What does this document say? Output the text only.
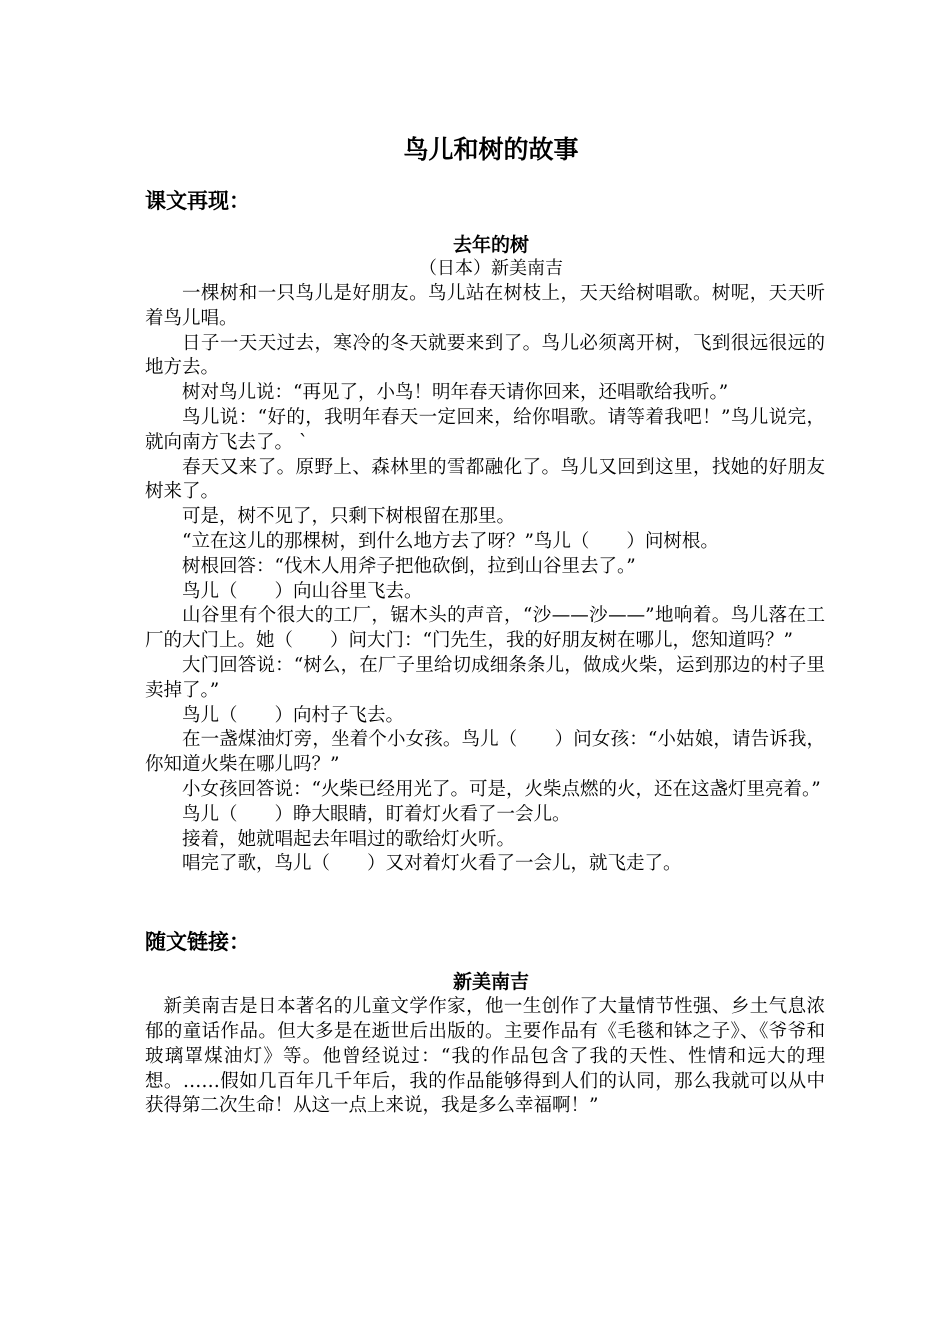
鸟儿和树的故事
课文再现：
去年的树

（日本）新美南吉

一棵树和一只鸟儿是好朋友。鸟儿站在树枝上，天天给树唱歌。树呢，天天听着鸟儿唱。

日子一天天过去，寒冷的冬天就要来到了。鸟儿必须离开树，飞到很远很远的地方去。

树对鸟儿说：“再见了，小鸟！明年春天请你回来，还唱歌给我听。”

鸟儿说：“好的，我明年春天一定回来，给你唱歌。请等着我吧！”鸟儿说完，就向南方飞去了。 `

春天又来了。原野上、森林里的雪都融化了。鸟儿又回到这里，找她的好朋友树来了。

可是，树不见了，只剩下树根留在那里。

“立在这儿的那棵树，到什么地方去了呀？”鸟儿（　　）问树根。

树根回答：“伐木人用斧子把他砍倒，拉到山谷里去了。”

鸟儿（　　）向山谷里飞去。

山谷里有个很大的工厂，锯木头的声音，“沙——沙——”地响着。鸟儿落在工厂的大门上。她（　　）问大门：“门先生，我的好朋友树在哪儿，您知道吗？”

大门回答说：“树么，在厂子里给切成细条条儿，做成火柴，运到那边的村子里卖掉了。”

鸟儿（　　）向村子飞去。

在一盏煤油灯旁，坐着个小女孩。鸟儿（　　）问女孩：“小姑娘，请告诉我，你知道火柴在哪儿吗？”

小女孩回答说：“火柴已经用光了。可是，火柴点燃的火，还在这盏灯里亮着。”

鸟儿（　　）睁大眼睛，盯着灯火看了一会儿。

接着，她就唱起去年唱过的歌给灯火听。

唱完了歌，鸟儿（　　）又对着灯火看了一会儿，就飞走了。

随文链接：
新美南吉

新美南吉是日本著名的儿童文学作家，他一生创作了大量情节性强、乡土气息浓郁的童话作品。但大多是在逝世后出版的。主要作品有《毛毯和钵之子》、《爷爷和玻璃罩煤油灯》等。他曾经说过：“我的作品包含了我的天性、性情和远大的理想。……假如几百年几千年后，我的作品能够得到人们的认同，那么我就可以从中获得第二次生命！从这一点上来说，我是多么幸福啊！”
